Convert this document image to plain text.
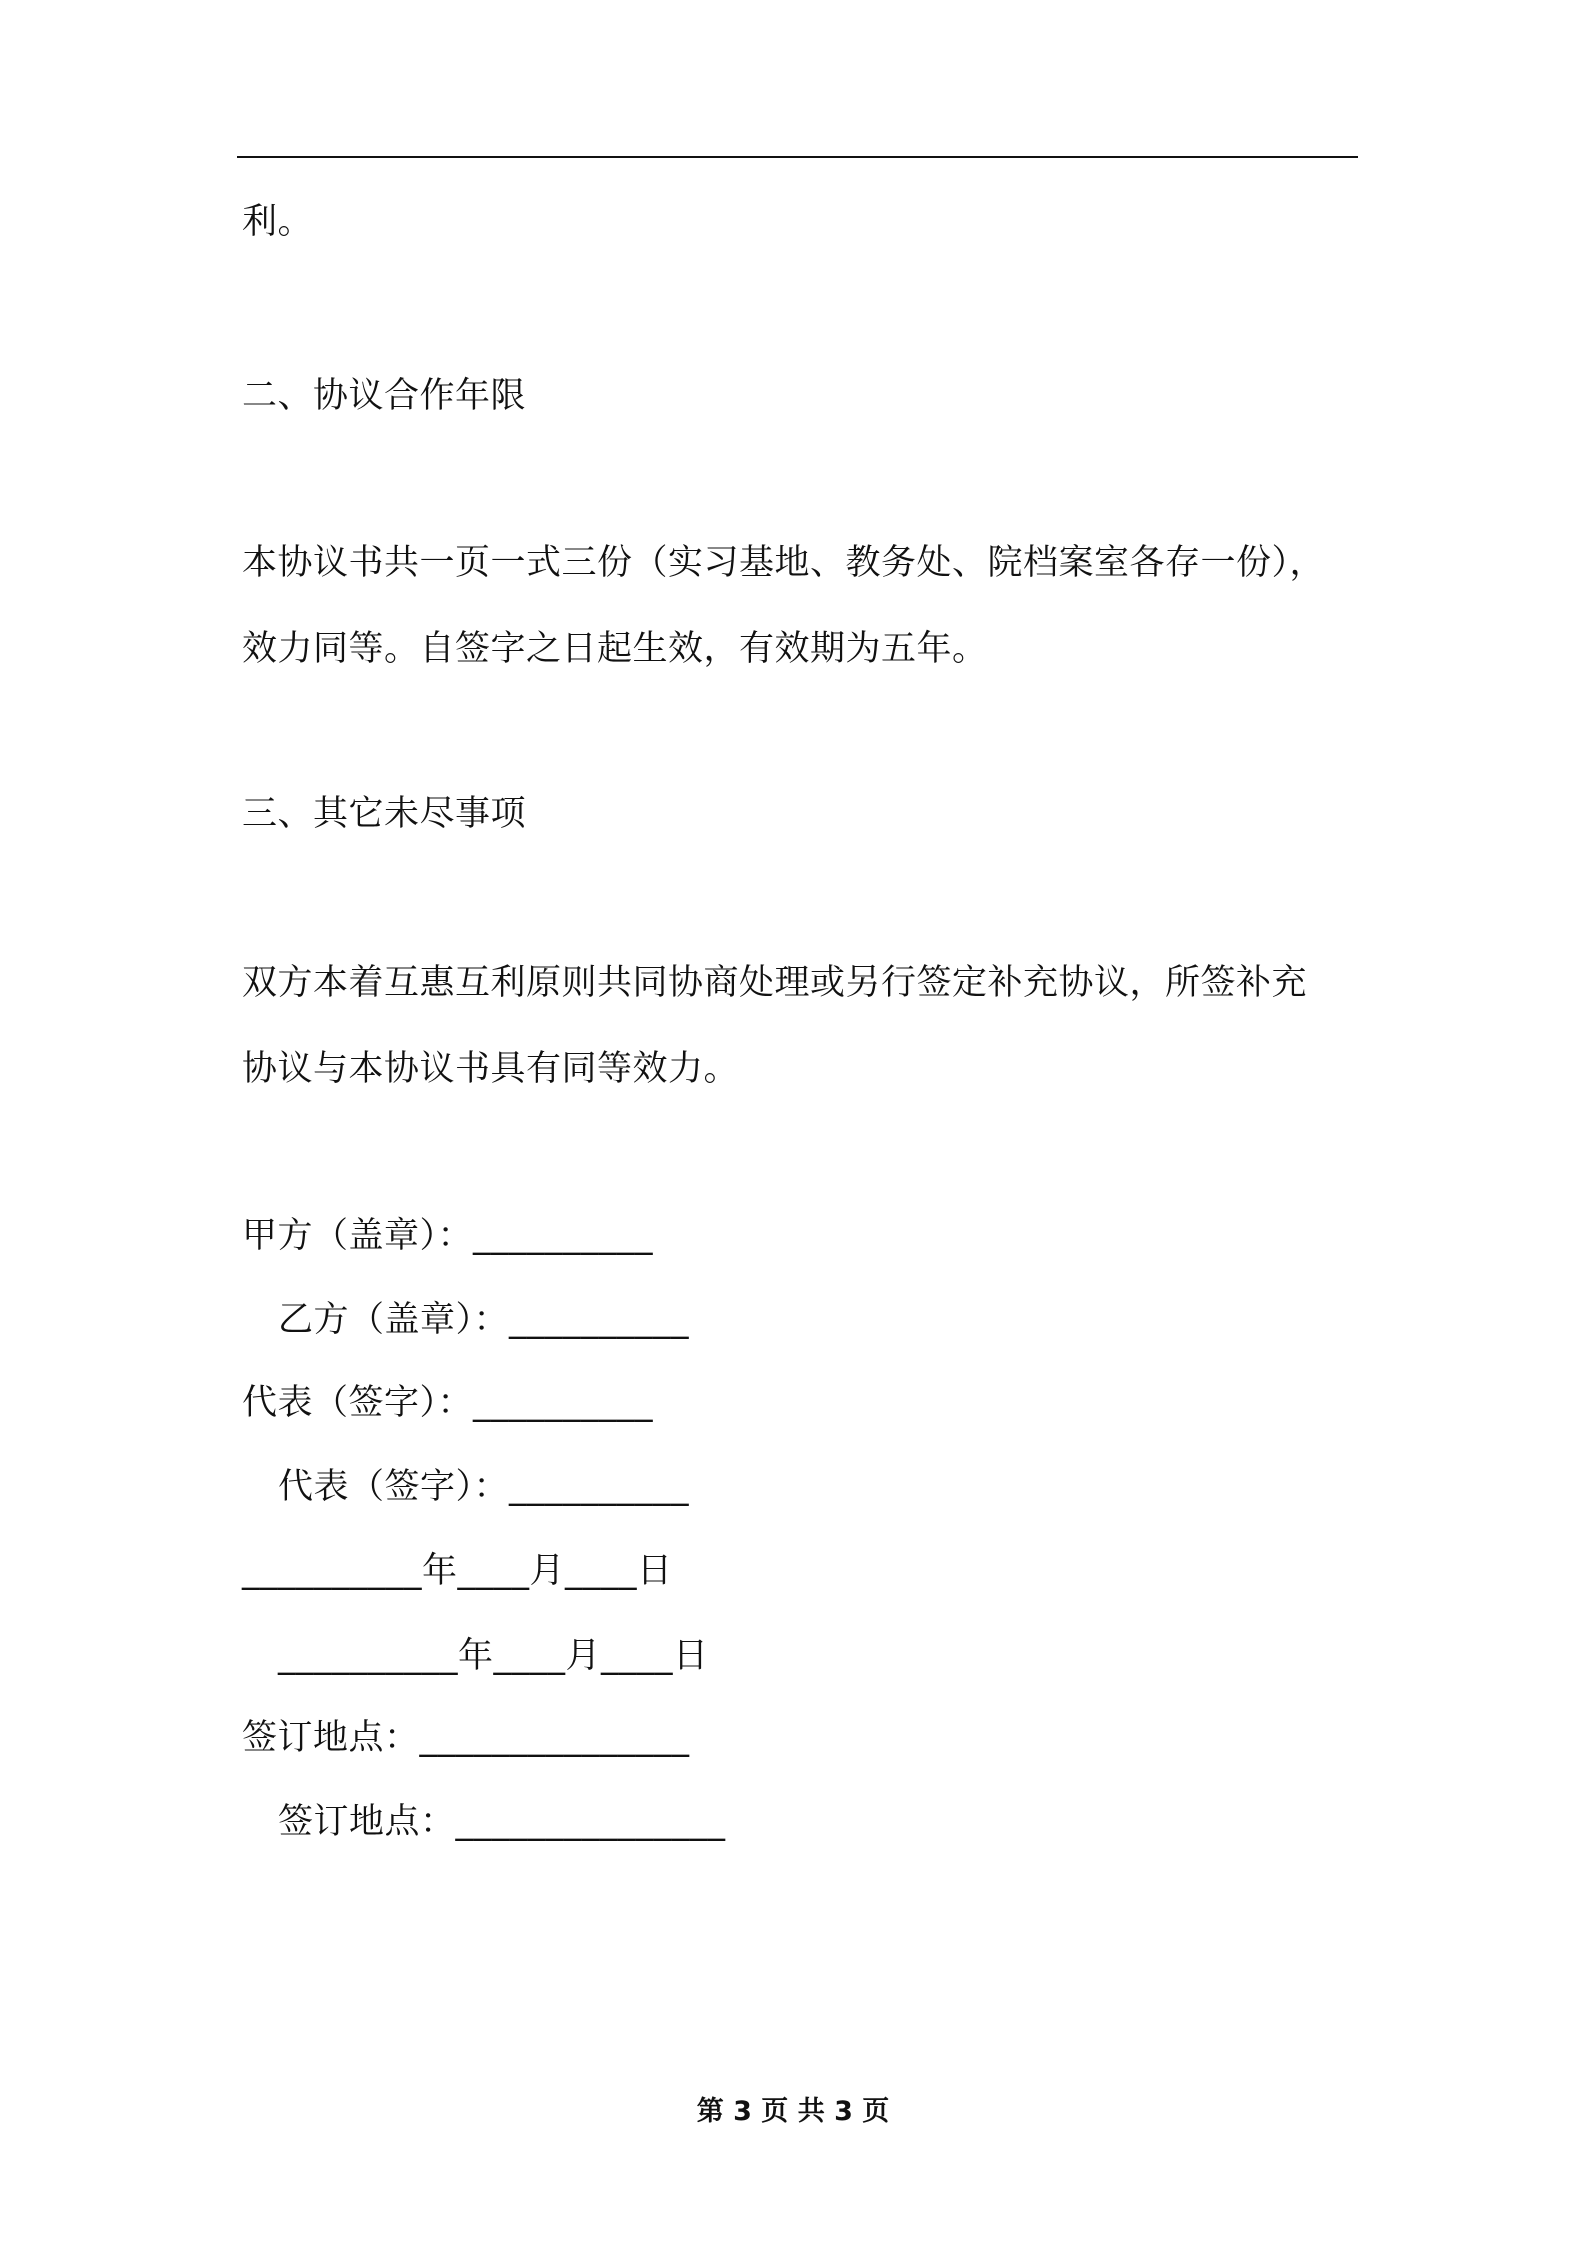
利。
二、协议合作年限
本协议书共一页一式三份（实习基地、教务处、院档案室各存一份），
效力同等。自签字之日起生效，有效期为五年。
三、其它未尽事项
双方本着互惠互利原则共同协商处理或另行签定补充协议，所签补充
协议与本协议书具有同等效力。
甲方（盖章）：__________
乙方（盖章）：__________
代表（签字）：__________
代表（签字）：__________
__________年____月____日
__________年____月____日
签订地点：_______________
签订地点：_______________
第 3 页 共 3 页
